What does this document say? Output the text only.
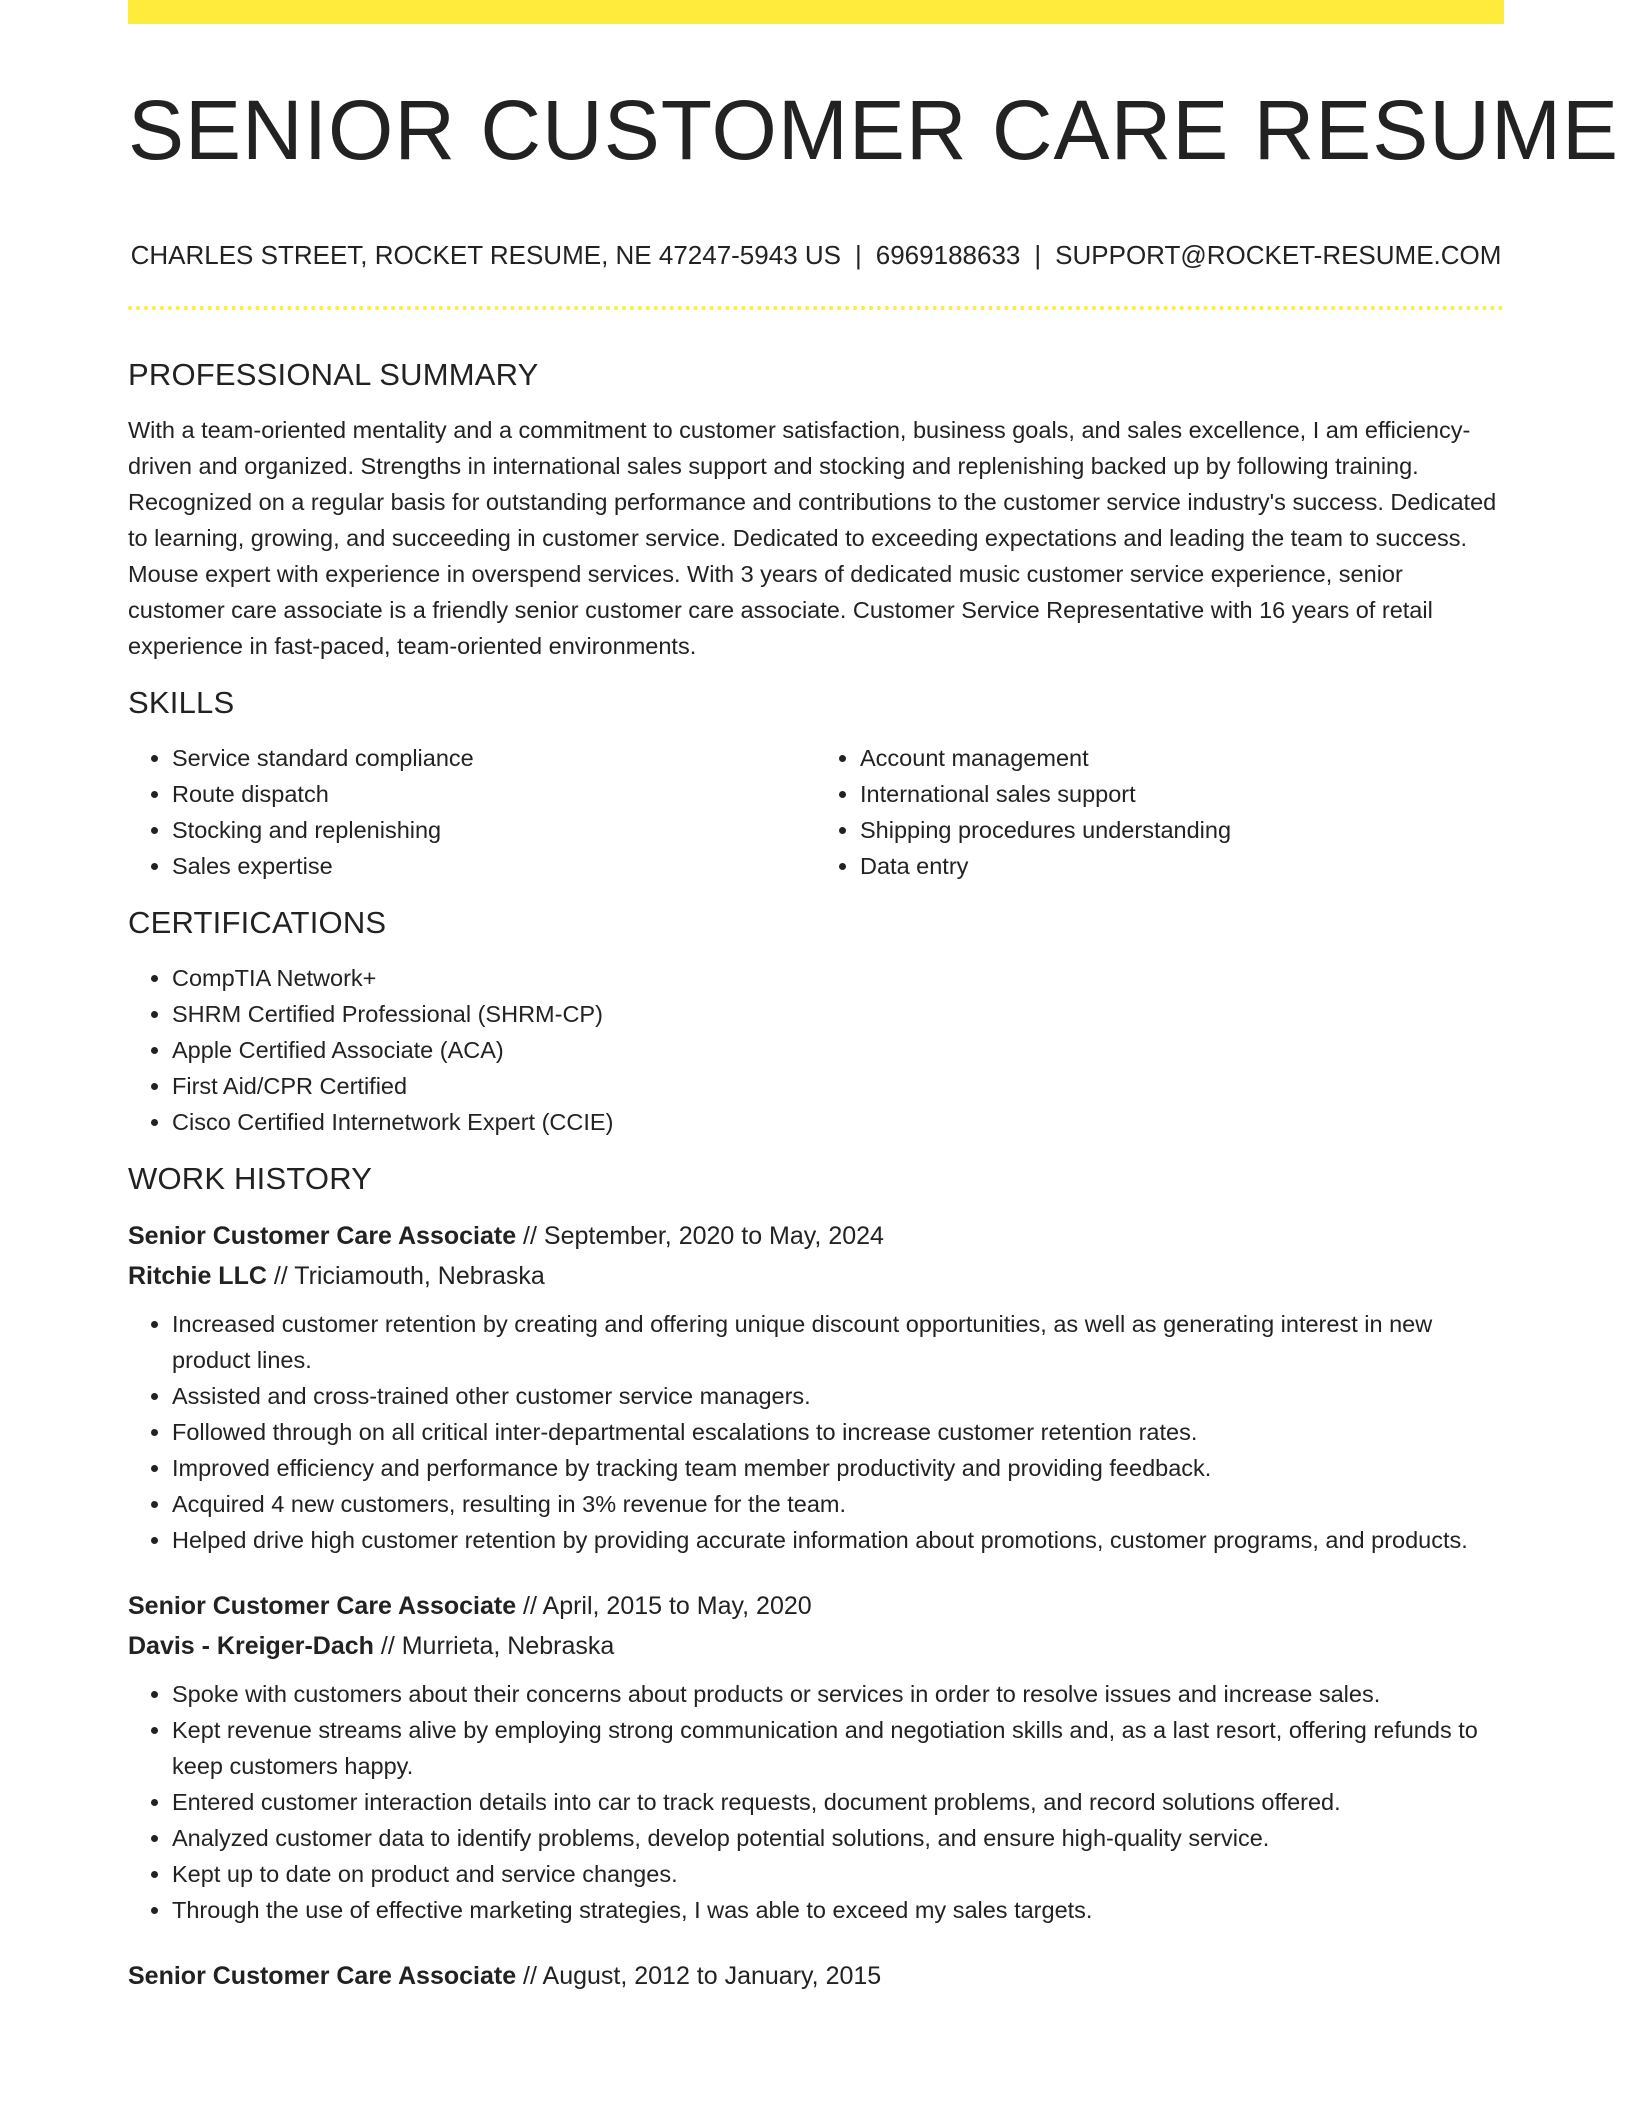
SENIOR CUSTOMER CARE RESUME
CHARLES STREET, ROCKET RESUME, NE 47247-5943 US | 6969188633 | SUPPORT@ROCKET-RESUME.COM
PROFESSIONAL SUMMARY

With a team-oriented mentality and a commitment to customer satisfaction, business goals, and sales excellence, I am efficiency-driven and organized. Strengths in international sales support and stocking and replenishing backed up by following training. Recognized on a regular basis for outstanding performance and contributions to the customer service industry's success. Dedicated to learning, growing, and succeeding in customer service. Dedicated to exceeding expectations and leading the team to success. Mouse expert with experience in overspend services. With 3 years of dedicated music customer service experience, senior customer care associate is a friendly senior customer care associate. Customer Service Representative with 16 years of retail experience in fast-paced, team-oriented environments.

SKILLS
• Service standard compliance
• Route dispatch
• Stocking and replenishing
• Sales expertise
• Account management
• International sales support
• Shipping procedures understanding
• Data entry
CERTIFICATIONS
• CompTIA Network+
• SHRM Certified Professional (SHRM-CP)
• Apple Certified Associate (ACA)
• First Aid/CPR Certified
• Cisco Certified Internetwork Expert (CCIE)
WORK HISTORY
Senior Customer Care Associate // September, 2020 to May, 2024
Ritchie LLC // Triciamouth, Nebraska
• Increased customer retention by creating and offering unique discount opportunities, as well as generating interest in new product lines.
• Assisted and cross-trained other customer service managers.
• Followed through on all critical inter-departmental escalations to increase customer retention rates.
• Improved efficiency and performance by tracking team member productivity and providing feedback.
• Acquired 4 new customers, resulting in 3% revenue for the team.
• Helped drive high customer retention by providing accurate information about promotions, customer programs, and products.
Senior Customer Care Associate // April, 2015 to May, 2020
Davis - Kreiger-Dach // Murrieta, Nebraska
• Spoke with customers about their concerns about products or services in order to resolve issues and increase sales.
• Kept revenue streams alive by employing strong communication and negotiation skills and, as a last resort, offering refunds to keep customers happy.
• Entered customer interaction details into car to track requests, document problems, and record solutions offered.
• Analyzed customer data to identify problems, develop potential solutions, and ensure high-quality service.
• Kept up to date on product and service changes.
• Through the use of effective marketing strategies, I was able to exceed my sales targets.
Senior Customer Care Associate // August, 2012 to January, 2015
